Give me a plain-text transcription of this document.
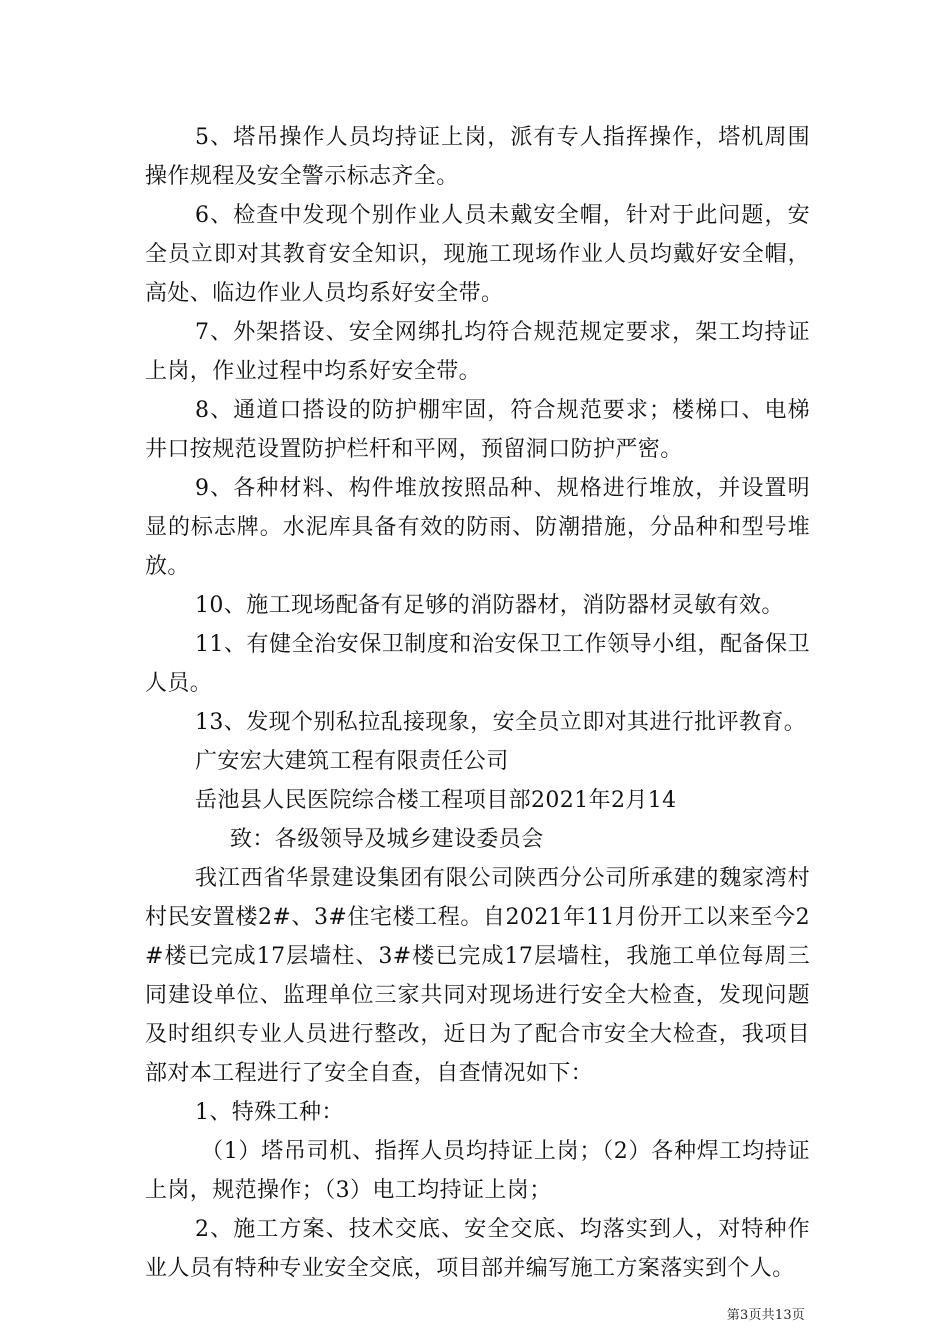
5、塔吊操作人员均持证上岗，派有专人指挥操作，塔机周围操作规程及安全警示标志齐全。

6、检查中发现个别作业人员未戴安全帽，针对于此问题，安全员立即对其教育安全知识，现施工现场作业人员均戴好安全帽，高处、临边作业人员均系好安全带。

7、外架搭设、安全网绑扎均符合规范规定要求，架工均持证上岗，作业过程中均系好安全带。

8、通道口搭设的防护棚牢固，符合规范要求；楼梯口、电梯井口按规范设置防护栏杆和平网，预留洞口防护严密。

9、各种材料、构件堆放按照品种、规格进行堆放，并设置明显的标志牌。水泥库具备有效的防雨、防潮措施，分品种和型号堆放。

10、施工现场配备有足够的消防器材，消防器材灵敏有效。

11、有健全治安保卫制度和治安保卫工作领导小组，配备保卫人员。

13、发现个别私拉乱接现象，安全员立即对其进行批评教育。

广安宏大建筑工程有限责任公司

岳池县人民医院综合楼工程项目部2021年2月14

致：各级领导及城乡建设委员会

我江西省华景建设集团有限公司陕西分公司所承建的魏家湾村村民安置楼2#、3#住宅楼工程。自2021年11月份开工以来至今2#楼已完成17层墙柱、3#楼已完成17层墙柱，我施工单位每周三同建设单位、监理单位三家共同对现场进行安全大检查，发现问题及时组织专业人员进行整改，近日为了配合市安全大检查，我项目部对本工程进行了安全自查，自查情况如下：

1、特殊工种：

（1）塔吊司机、指挥人员均持证上岗；（2）各种焊工均持证上岗，规范操作；（3）电工均持证上岗；

2、施工方案、技术交底、安全交底、均落实到人，对特种作业人员有特种专业安全交底，项目部并编写施工方案落实到个人。

第3页共13页
